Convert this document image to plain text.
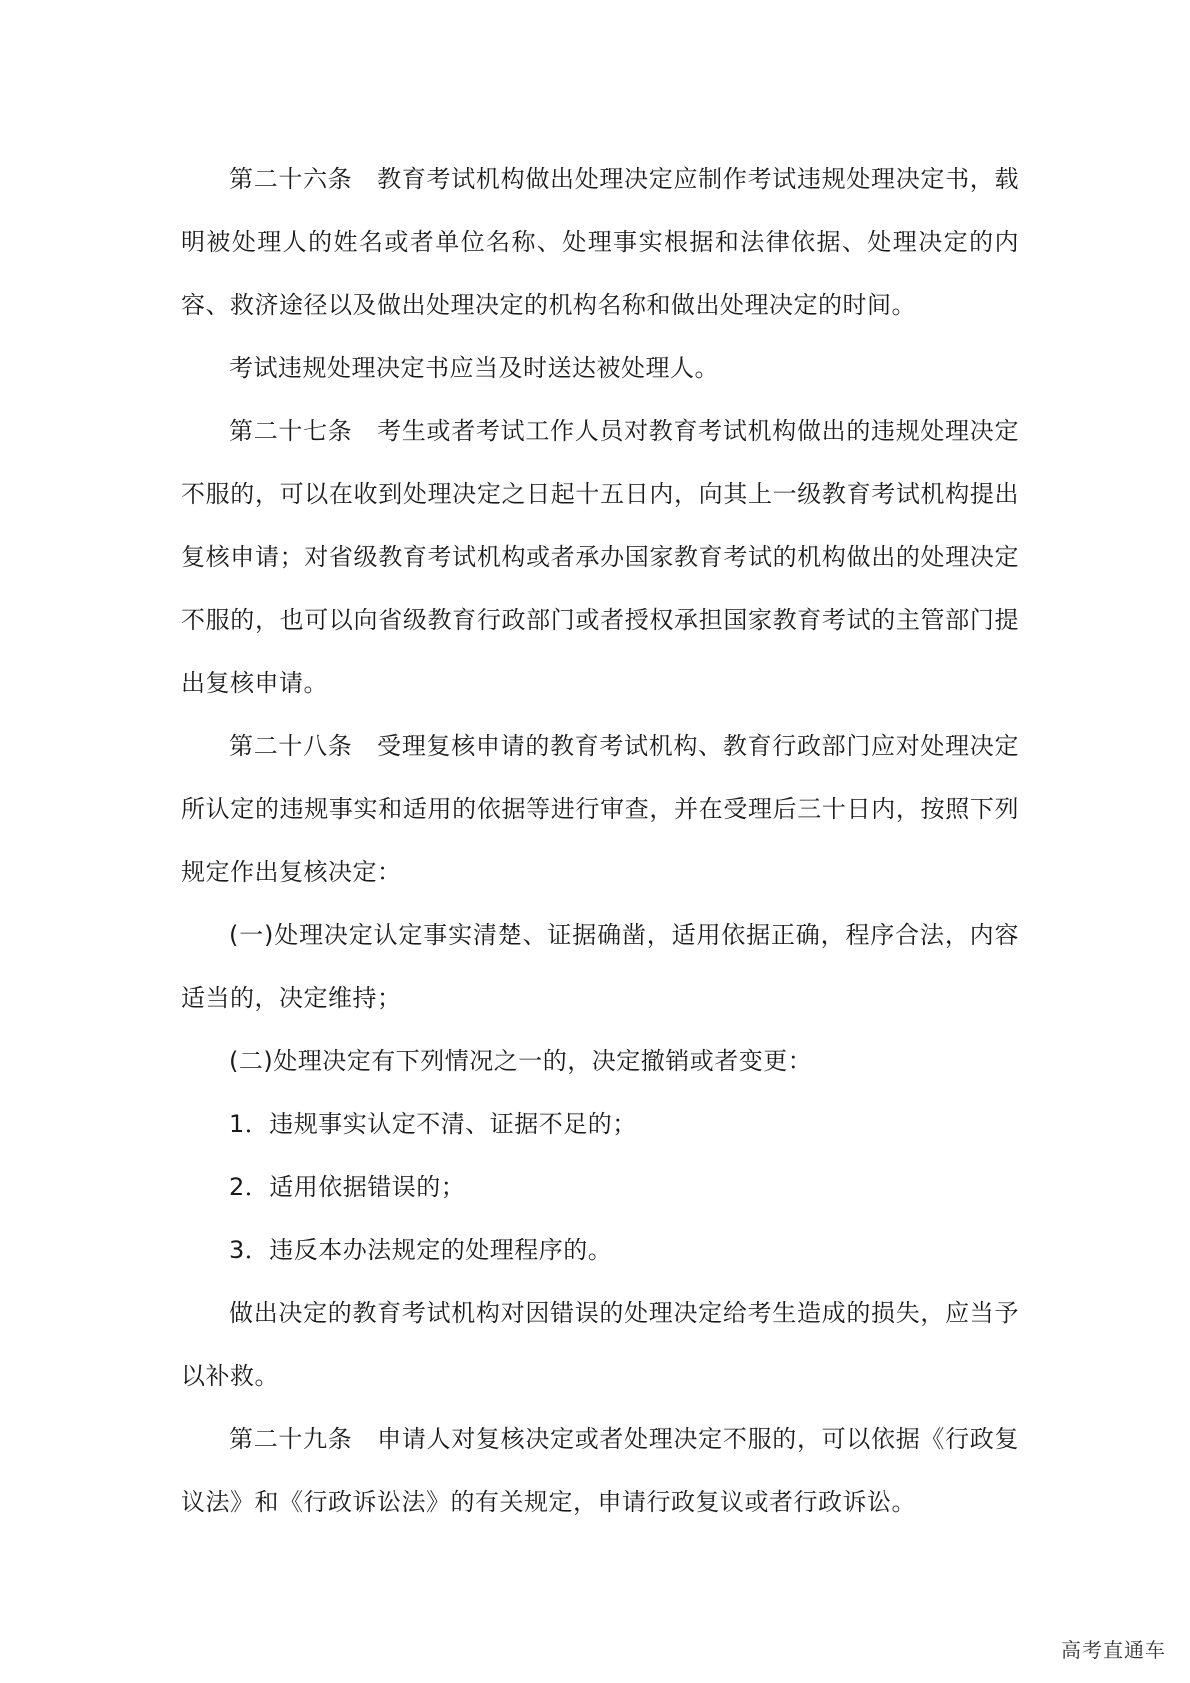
第二十六条　教育考试机构做出处理决定应制作考试违规处理决定书，载明被处理人的姓名或者单位名称、处理事实根据和法律依据、处理决定的内容、救济途径以及做出处理决定的机构名称和做出处理决定的时间。

考试违规处理决定书应当及时送达被处理人。

第二十七条　考生或者考试工作人员对教育考试机构做出的违规处理决定不服的，可以在收到处理决定之日起十五日内，向其上一级教育考试机构提出复核申请；对省级教育考试机构或者承办国家教育考试的机构做出的处理决定不服的，也可以向省级教育行政部门或者授权承担国家教育考试的主管部门提出复核申请。

第二十八条　受理复核申请的教育考试机构、教育行政部门应对处理决定所认定的违规事实和适用的依据等进行审查，并在受理后三十日内，按照下列规定作出复核决定：

(一)处理决定认定事实清楚、证据确凿，适用依据正确，程序合法，内容适当的，决定维持；

(二)处理决定有下列情况之一的，决定撤销或者变更：

1．违规事实认定不清、证据不足的；

2．适用依据错误的；

3．违反本办法规定的处理程序的。

做出决定的教育考试机构对因错误的处理决定给考生造成的损失，应当予以补救。

第二十九条　申请人对复核决定或者处理决定不服的，可以依据《行政复议法》和《行政诉讼法》的有关规定，申请行政复议或者行政诉讼。

高考直通车
